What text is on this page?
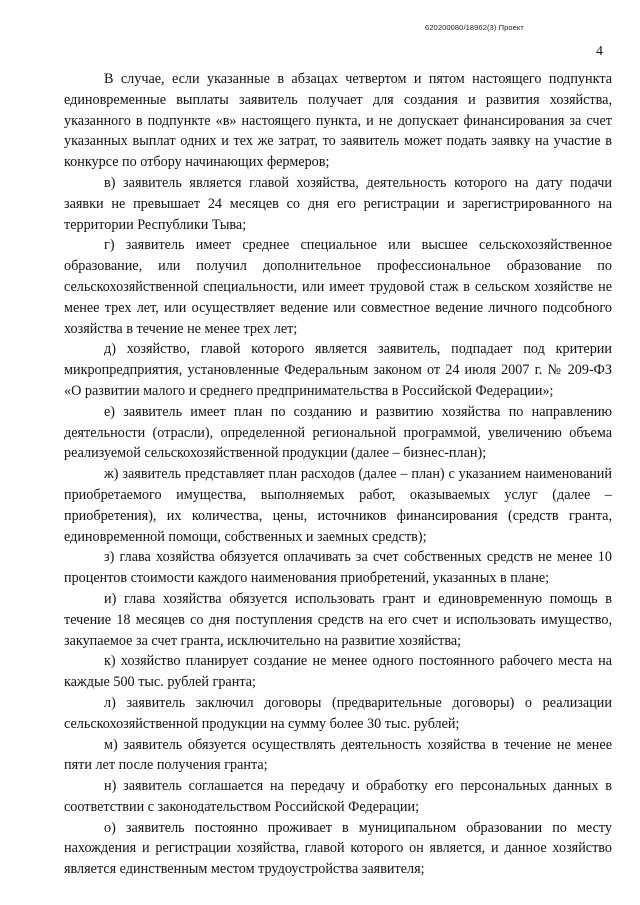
620200080/18962(3) Проект
4

В случае, если указанные в абзацах четвертом и пятом настоящего подпункта единовременные выплаты заявитель получает для создания и развития хозяйства, указанного в подпункте «в» настоящего пункта, и не допускает финансирования за счет указанных выплат одних и тех же затрат, то заявитель может подать заявку на участие в конкурсе по отбору начинающих фермеров;

в) заявитель является главой хозяйства, деятельность которого на дату подачи заявки не превышает 24 месяцев со дня его регистрации и зарегистрированного на территории Республики Тыва;

г) заявитель имеет среднее специальное или высшее сельскохозяйственное образование, или получил дополнительное профессиональное образование по сельскохозяйственной специальности, или имеет трудовой стаж в сельском хозяйстве не менее трех лет, или осуществляет ведение или совместное ведение личного подсобного хозяйства в течение не менее трех лет;

д) хозяйство, главой которого является заявитель, подпадает под критерии микропредприятия, установленные Федеральным законом от 24 июля 2007 г. № 209-ФЗ «О развитии малого и среднего предпринимательства в Российской Федерации»;

е) заявитель имеет план по созданию и развитию хозяйства по направлению деятельности (отрасли), определенной региональной программой, увеличению объема реализуемой сельскохозяйственной продукции (далее – бизнес-план);

ж) заявитель представляет план расходов (далее – план) с указанием наименований приобретаемого имущества, выполняемых работ, оказываемых услуг (далее – приобретения), их количества, цены, источников финансирования (средств гранта, единовременной помощи, собственных и заемных средств);

з) глава хозяйства обязуется оплачивать за счет собственных средств не менее 10 процентов стоимости каждого наименования приобретений, указанных в плане;

и) глава хозяйства обязуется использовать грант и единовременную помощь в течение 18 месяцев со дня поступления средств на его счет и использовать имущество, закупаемое за счет гранта, исключительно на развитие хозяйства;

к) хозяйство планирует создание не менее одного постоянного рабочего места на каждые 500 тыс. рублей гранта;

л) заявитель заключил договоры (предварительные договоры) о реализации сельскохозяйственной продукции на сумму более 30 тыс. рублей;

м) заявитель обязуется осуществлять деятельность хозяйства в течение не менее пяти лет после получения гранта;

н) заявитель соглашается на передачу и обработку его персональных данных в соответствии с законодательством Российской Федерации;

о) заявитель постоянно проживает в муниципальном образовании по месту нахождения и регистрации хозяйства, главой которого он является, и данное хозяйство является единственным местом трудоустройства заявителя;
